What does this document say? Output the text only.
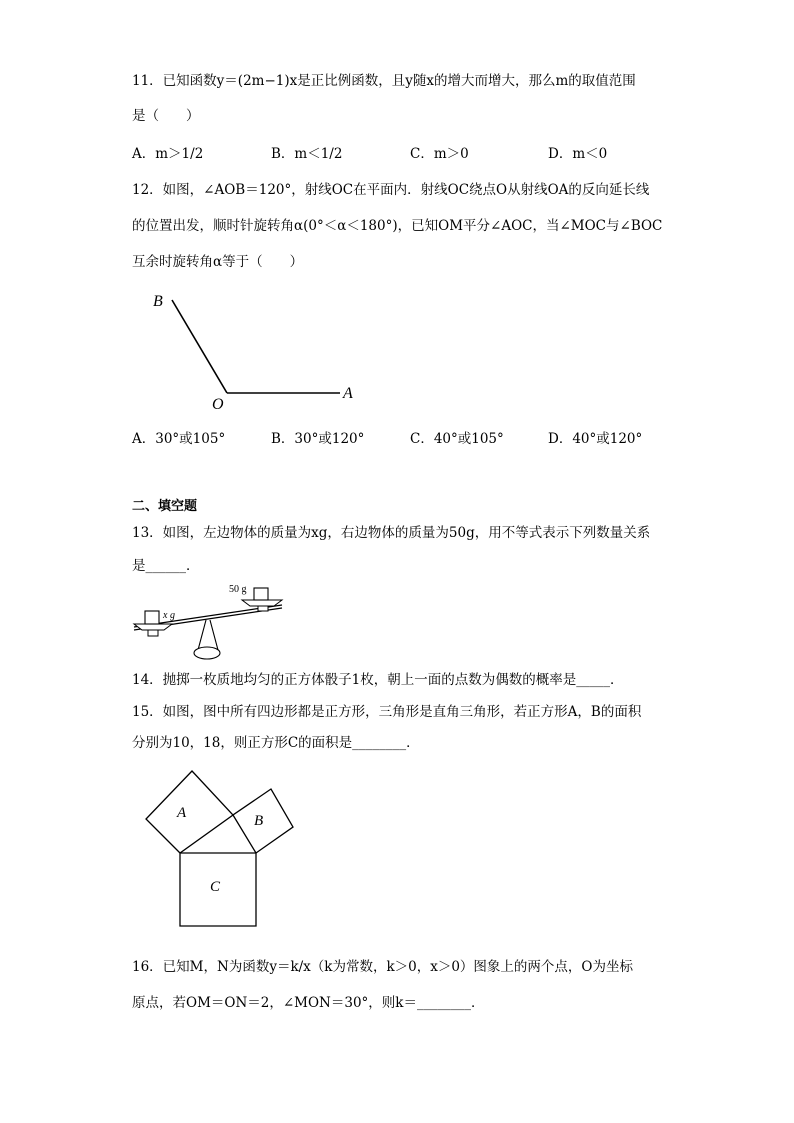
11．已知函数y＝(2m−1)x是正比例函数，且y随x的增大而增大，那么m的取值范围
是（　　）
A．m＞1/2	B．m＜1/2	C．m＞0	D．m＜0
12．如图，∠AOB＝120°，射线OC在平面内．射线OC绕点O从射线OA的反向延长线
的位置出发，顺时针旋转角α(0°＜α＜180°)，已知OM平分∠AOC，当∠MOC与∠BOC
互余时旋转角α等于（　　）
B
O
A
A．30°或105°	B．30°或120°	C．40°或105°	D．40°或120°
二、填空题
13．如图，左边物体的质量为xg，右边物体的质量为50g，用不等式表示下列数量关系
是______．
x g
50 g
14．抛掷一枚质地均匀的正方体骰子1枚，朝上一面的点数为偶数的概率是_____．
15．如图，图中所有四边形都是正方形，三角形是直角三角形，若正方形A，B的面积
分别为10，18，则正方形C的面积是________．
A	B
C
16．已知M，N为函数y＝k/x（k为常数，k＞0，x＞0）图象上的两个点，O为坐标
原点，若OM＝ON＝2，∠MON＝30°，则k＝________．
